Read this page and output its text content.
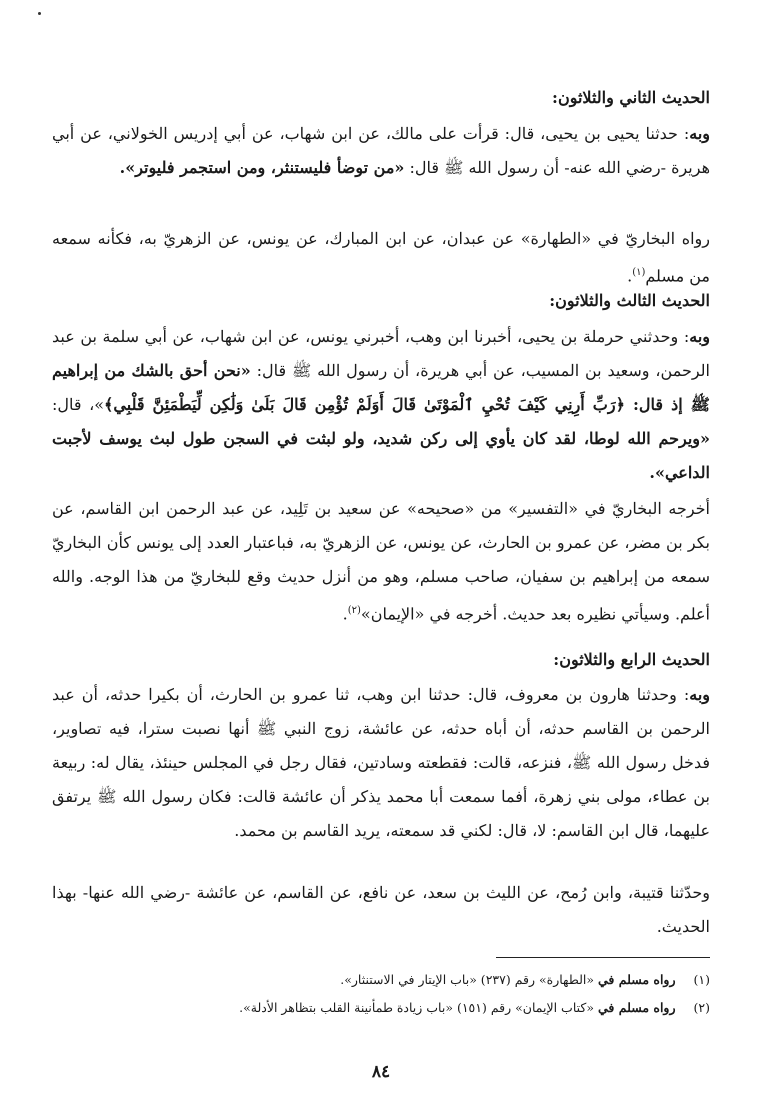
الحديث الثاني والثلاثون:
وبه: حدثنا يحيى بن يحيى، قال: قرأت على مالك، عن ابن شهاب، عن أبي إدريس الخولاني، عن أبي هريرة -رضي الله عنه- أن رسول الله ﷺ قال: «من توضأ فليستنثر، ومن استجمر فليوتر».
رواه البخاريّ في «الطهارة» عن عبدان، عن ابن المبارك، عن يونس، عن الزهريّ به، فكأنه سمعه من مسلم$^{(١)}$.
الحديث الثالث والثلاثون:
وبه: وحدثني حرملة بن يحيى، أخبرنا ابن وهب، أخبرني يونس، عن ابن شهاب، عن أبي سلمة بن عبد الرحمن، وسعيد بن المسيب، عن أبي هريرة، أن رسول الله ﷺ قال: «نحن أحق بالشك من إبراهيم ﷺ إذ قال: ﴿رَبِّ أَرِنِي كَيْفَ تُحْيِ ٱلْمَوْتَىٰ قَالَ أَوَلَمْ تُؤْمِن قَالَ بَلَىٰ وَلَٰكِن لِّيَطْمَئِنَّ قَلْبِي﴾»، قال: «ويرحم الله لوطا، لقد كان يأوي إلى ركن شديد، ولو لبثت في السجن طول لبث يوسف لأجبت الداعي».
أخرجه البخاريّ في «التفسير» من «صحيحه» عن سعيد بن تَلِيد، عن عبد الرحمن ابن القاسم، عن بكر بن مضر، عن عمرو بن الحارث، عن يونس، عن الزهريّ به، فباعتبار العدد إلى يونس كأن البخاريّ سمعه من إبراهيم بن سفيان، صاحب مسلم، وهو من أنزل حديث وقع للبخاريّ من هذا الوجه. والله أعلم. وسيأتي نظيره بعد حديث. أخرجه في «الإيمان»$^{(٢)}$.
الحديث الرابع والثلاثون:
وبه: وحدثنا هارون بن معروف، قال: حدثنا ابن وهب، ثنا عمرو بن الحارث، أن بكيرا حدثه، أن عبد الرحمن بن القاسم حدثه، أن أباه حدثه، عن عائشة، زوج النبي ﷺ أنها نصبت سترا، فيه تصاوير، فدخل رسول الله ﷺ، فنزعه، قالت: فقطعته وسادتين، فقال رجل في المجلس حينئذ، يقال له: ربيعة بن عطاء، مولى بني زهرة، أفما سمعت أبا محمد يذكر أن عائشة قالت: فكان رسول الله ﷺ يرتفق عليهما، قال ابن القاسم: لا، قال: لكني قد سمعته، يريد القاسم بن محمد.
وحدّثنا قتيبة، وابن رُمح، عن الليث بن سعد، عن نافع، عن القاسم، عن عائشة -رضي الله عنها- بهذا الحديث.
(١)رواه مسلم في «الطهارة» رقم (٢٣٧) «باب الإيتار في الاستنثار».
(٢)رواه مسلم في «كتاب الإيمان» رقم (١٥١) «باب زيادة طمأنينة القلب بتظاهر الأدلة».
٨٤
